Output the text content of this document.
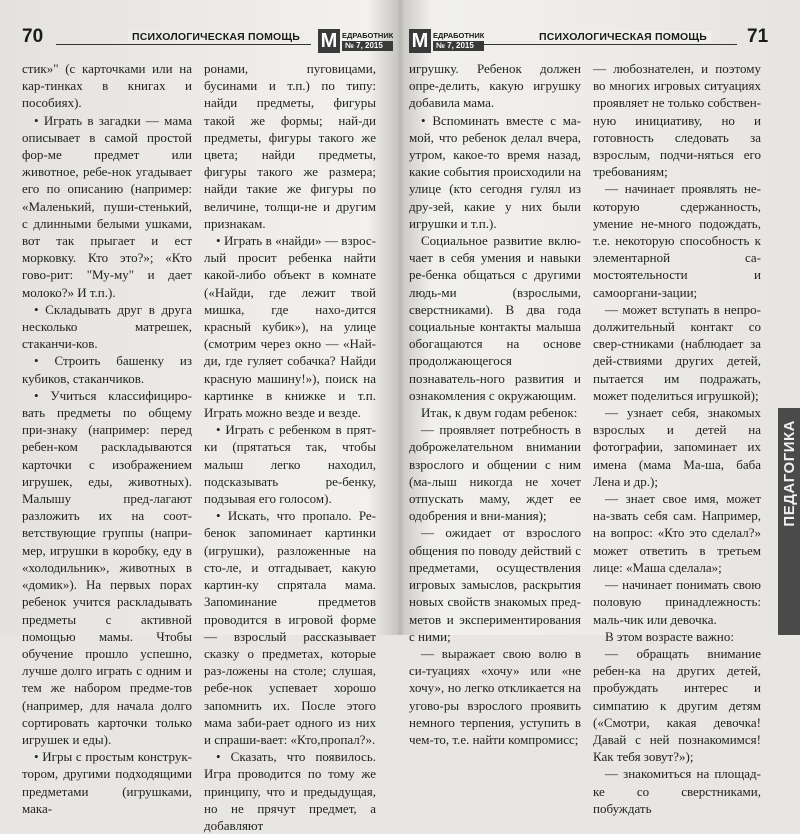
70	ПСИХОЛОГИЧЕСКАЯ ПОМОЩЬ М ЕДРАБОТНИК
№ 7, 2015

стик»" (с карточками или на кар-тинках в книгах и пособиях).

• Играть в загадки — мама описывает в самой простой фор-ме предмет или животное, ребе-нок угадывает его по описанию (например: «Маленький, пуши-стенький, с длинными белыми ушками, вот так прыгает и ест морковку. Кто это?»; «Кто гово-рит: "Му-му" и дает молоко?» И т.п.).

• Складывать друг в друга несколько матрешек, стаканчи-ков.

• Строить башенку из кубиков, стаканчиков.

• Учиться классифициро-вать предметы по общему при-знаку (например: перед ребен-ком раскладываются карточки с изображением игрушек, еды, животных). Малышу пред-лагают разложить их на соот-ветствующие группы (напри-мер, игрушки в коробку, еду в «холодильник», животных в «домик»). На первых порах ребенок учится раскладывать предметы с активной помощью мамы. Чтобы обучение прошло успешно, лучше долго играть с одним и тем же набором предме-тов (например, для начала долго сортировать карточки только игрушек и еды).

• Игры с простым конструк-тором, другими подходящими предметами (игрушками, мака-

ронами, пуговицами, бусинами и т.п.) по типу: найди предметы, фигуры такой же формы; най-ди предметы, фигуры такого же цвета; найди предметы, фигуры такого же размера; найди такие же фигуры по величине, толщи-не и другим признакам.

• Играть в «найди» — взрос-лый просит ребенка найти какой-либо объект в комнате («Найди, где лежит твой мишка, где нахо-дится красный кубик»), на улице (смотрим через окно — «Най-ди, где гуляет собачка? Найди красную машину!»), поиск на картинке в книжке и т.п. Играть можно везде и везде.

• Играть с ребенком в прят-ки (прятаться так, чтобы малыш легко находил, подсказывать ре-бенку, подзывая его голосом).

• Искать, что пропало. Ре-бенок запоминает картинки (игрушки), разложенные на сто-ле, и отгадывает, какую картин-ку спрятала мама. Запоминание предметов проводится в игровой форме — взрослый рассказывает сказку о предметах, которые раз-ложены на столе; слушая, ребе-нок успевает хорошо запомнить их. После этого мама заби-рает одного из них и спраши-вает: «Кто,пропал?».

• Сказать, что появилось. Игра проводится по тому же принципу, что и предыдущая, но не прячут предмет, а добавляют

М ЕДРАБОТНИК
№ 7, 2015
ПСИХОЛОГИЧЕСКАЯ ПОМОЩЬ 71

игрушку. Ребенок должен опре-делить, какую игрушку добавила мама.

• Вспоминать вместе с ма-мой, что ребенок делал вчера, утром, какое-то время назад, какие события происходили на улице (кто сегодня гулял из дру-зей, какие у них были игрушки и т.п.).

Социальное развитие вклю-чает в себя умения и навыки ре-бенка общаться с другими людь-ми (взрослыми, сверстниками). В два года социальные контакты малыша обогащаются на основе продолжающегося познаватель-ного развития и ознакомления с окружающим.

Итак, к двум годам ребенок:

— проявляет потребность в доброжелательном внимании взрослого и общении с ним (ма-лыш никогда не хочет отпускать маму, ждет ее одобрения и вни-мания);

— ожидает от взрослого общения по поводу действий с предметами, осуществления игровых замыслов, раскрытия новых свойств знакомых пред-метов и экспериментирования с ними;

— выражает свою волю в си-туациях «хочу» или «не хочу», но легко откликается на угово-ры взрослого проявить немного терпения, уступить в чем-то, т.е. найти компромисс;

— любознателен, и поэтому во многих игровых ситуациях проявляет не только собствен-ную инициативу, но и готовность следовать за взрослым, подчи-няться его требованиям;

— начинает проявлять не-которую сдержанность, умение не-много подождать, т.е. некоторую способность к элементарной са-мостоятельности и самооргани-зации;

— может вступать в непро-должительный контакт со свер-стниками (наблюдает за дей-ствиями других детей, пытается им подражать, может поделиться игрушкой);

— узнает себя, знакомых взрослых и детей на фотографии, запоминает их имена (мама Ма-ша, баба Лена и др.);

— знает свое имя, может на-звать себя сам. Например, на вопрос: «Кто это сделал?» может ответить в третьем лице: «Маша сделала»;

— начинает понимать свою половую принадлежность: маль-чик или девочка.

В этом возрасте важно:

— обращать внимание ребен-ка на других детей, пробуждать интерес и симпатию к другим детям («Смотри, какая девочка! Давай с ней познакомимся! Как тебя зовут?»);

— знакомиться на площад-ке со сверстниками, побуждать

ПЕДАГОГИКА
